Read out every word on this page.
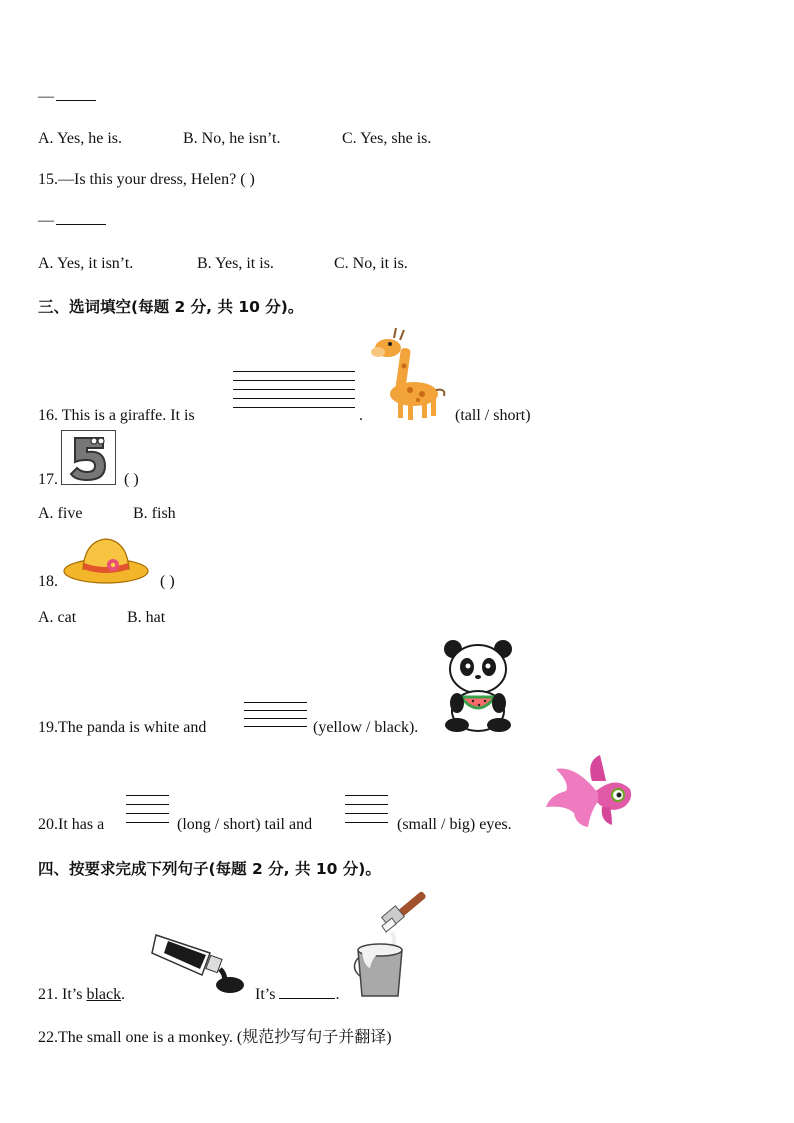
—
A. Yes, he is.	B. No, he isn’t.	C. Yes, she is.
15.—Is this your dress, Helen? ( )
—
A. Yes, it isn’t.	B. Yes, it is.	C. No, it is.
三、选词填空(每题 2 分, 共 10 分)。
16. This is a giraffe. It is	.	(tall / short)
17.	( )
A. five	B. fish
18.	( )
A. cat	B. hat
19.The panda is white and	(yellow / black).
20.It has a	(long / short) tail and	(small / big) eyes.
四、按要求完成下列句子(每题 2 分, 共 10 分)。
21. It’s black.	It’s	.
22.The small one is a monkey. (规范抄写句子并翻译)
